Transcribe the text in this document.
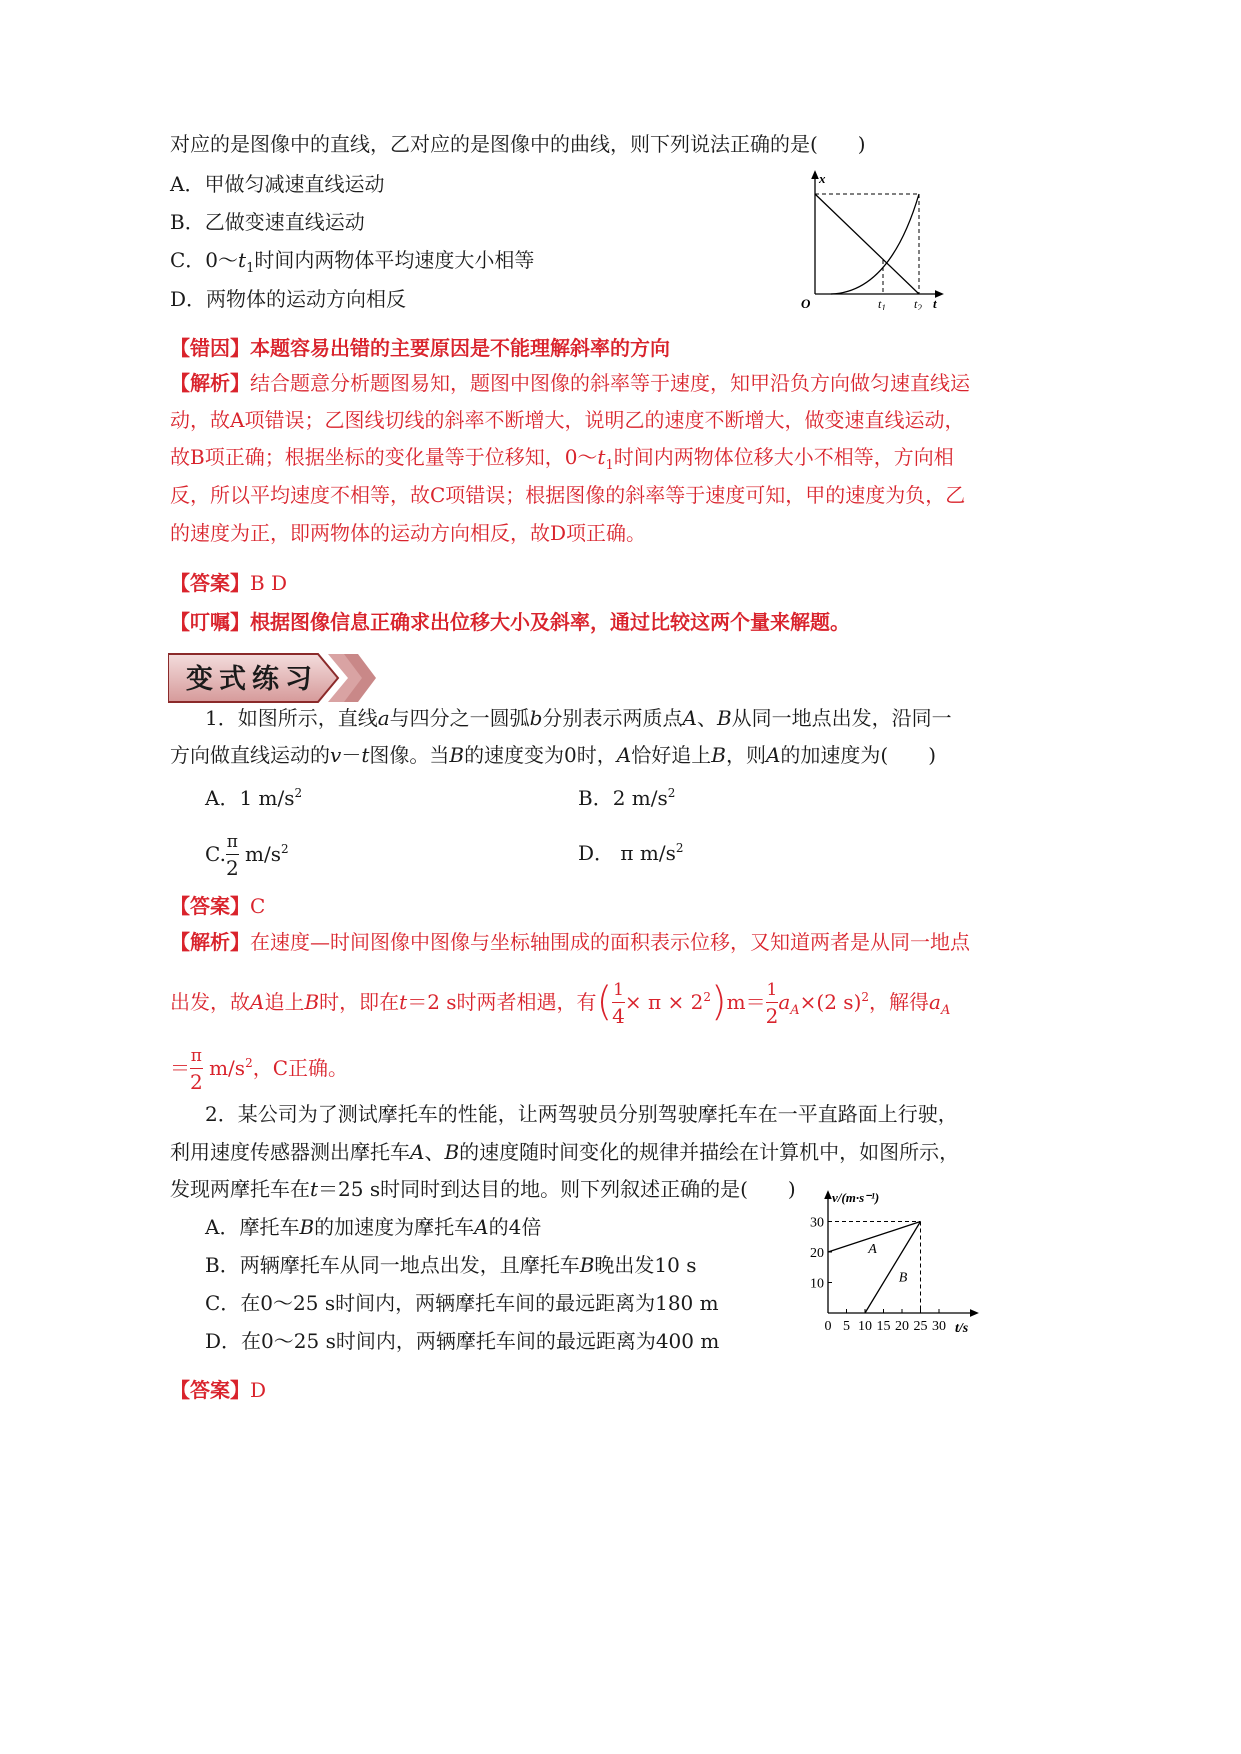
对应的是图像中的直线，乙对应的是图像中的曲线，则下列说法正确的是(　　)
A．甲做匀减速直线运动
B．乙做变速直线运动
C．$0\sim t_1$时间内两物体平均速度大小相等
D．两物体的运动方向相反
x
t
O	$t_1$ $t_2$
【错因】本题容易出错的主要原因是不能理解斜率的方向
【解析】结合题意分析题图易知，题图中图像的斜率等于速度，知甲沿负方向做匀速直线运
动，故A项错误；乙图线切线的斜率不断增大，说明乙的速度不断增大，做变速直线运动，
故B项正确；根据坐标的变化量等于位移知，$0\sim t_1$时间内两物体位移大小不相等，方向相
反，所以平均速度不相等，故C项错误；根据图像的斜率等于速度可知，甲的速度为负，乙
的速度为正，即两物体的运动方向相反，故D项正确。
【答案】B D
【叮嘱】根据图像信息正确求出位移大小及斜率，通过比较这两个量来解题。
变式练习
1．如图所示，直线a与四分之一圆弧b分别表示两质点A、B从同一地点出发，沿同一
方向做直线运动的v－t图像。当B的速度变为0时，A恰好追上B，则A的加速度为(　　)
A．1 $m/s^2$	B．2 $m/s^2$
C. $\frac{\pi}{2} m/s^2$	D． π $m/s^2$
【答案】C
【解析】在速度—时间图像中图像与坐标轴围成的面积表示位移，又知道两者是从同一地点
出发，故A追上B时，即在t＝2 s时两者相遇，有( $\frac{1}{4} \times \pi \times 2^2)m= \frac{1}{2} a_A\times(2$ s)$^2$，解得$a_A$
＝ $\frac{\pi}{2} m/s^2$，C正确。
2．某公司为了测试摩托车的性能，让两驾驶员分别驾驶摩托车在一平直路面上行驶，
利用速度传感器测出摩托车A、B的速度随时间变化的规律并描绘在计算机中，如图所示，
发现两摩托车在t＝25 s时同时到达目的地。则下列叙述正确的是(　　)
A．摩托车B的加速度为摩托车A的4倍
B．两辆摩托车从同一地点出发，且摩托车B晚出发10 s
C．在0～25 s时间内，两辆摩托车间的最远距离为180 m
D．在0～25 s时间内，两辆摩托车间的最远距离为400 m
【答案】D
10
20
30
0 5 10 15 20 25 30
A
B
v/(m·s⁻¹)
t/s
